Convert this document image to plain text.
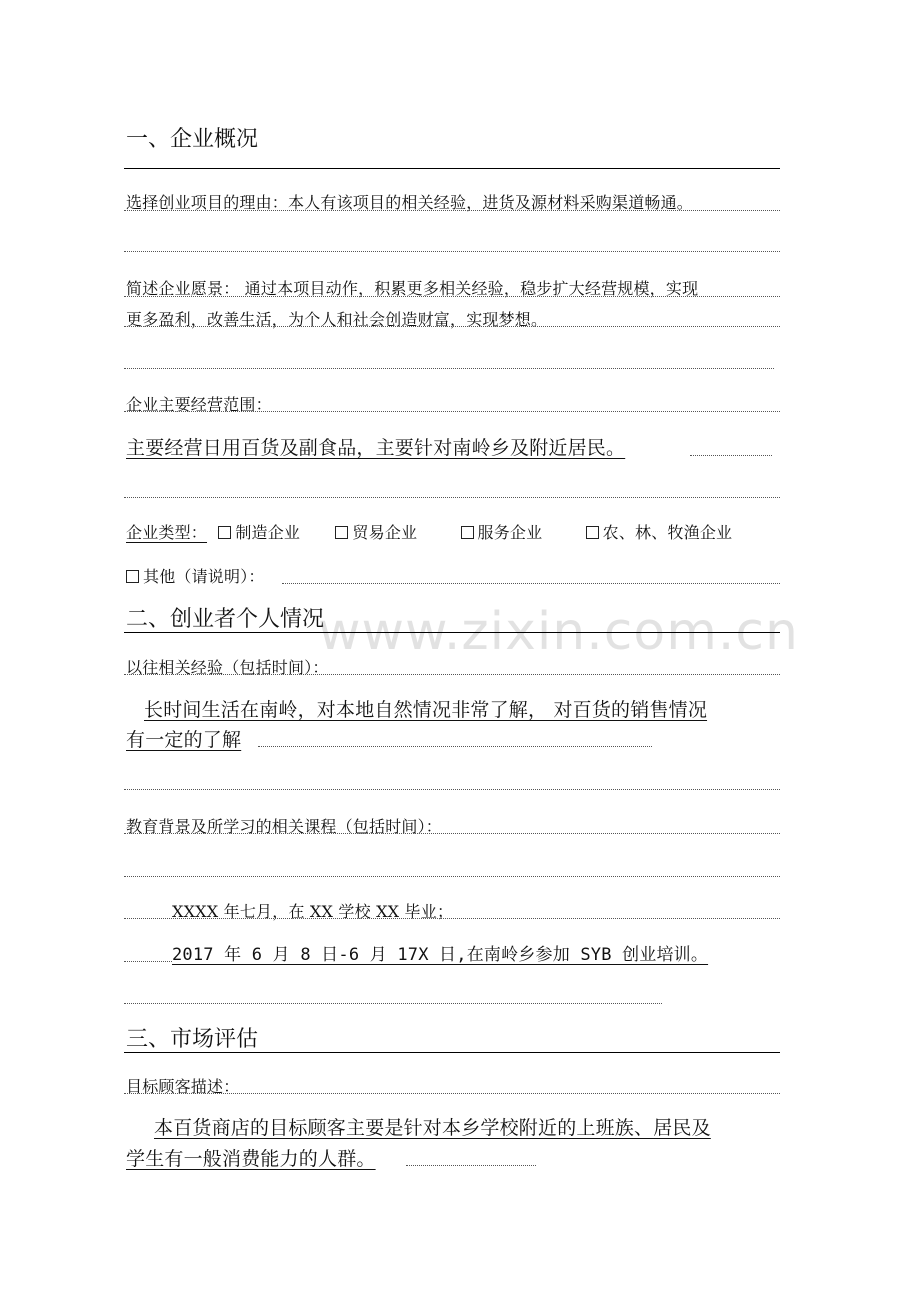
www.zixin.com.cn
一、企业概况
选择创业项目的理由：本人有该项目的相关经验，进货及源材料采购渠道畅通。
简述企业愿景： 通过本项目动作，积累更多相关经验，稳步扩大经营规模，实现
更多盈利，改善生活，为个人和社会创造财富，实现梦想。
企业主要经营范围：
主要经营日用百货及副食品，主要针对南岭乡及附近居民。
企业类型： 制造企业	贸易企业	服务企业	农、林、牧渔企业
其他（请说明）：
二、创业者个人情况
以往相关经验（包括时间）：
长时间生活在南岭，对本地自然情况非常了解， 对百货的销售情况
有一定的了解
教育背景及所学习的相关课程（包括时间）：
XXXX 年七月，在 XX 学校 XX 毕业；
2017 年 6 月 8 日-6 月 17X 日,在南岭乡参加 SYB 创业培训。
三、市场评估
目标顾客描述：
本百货商店的目标顾客主要是针对本乡学校附近的上班族、居民及
学生有一般消费能力的人群。
